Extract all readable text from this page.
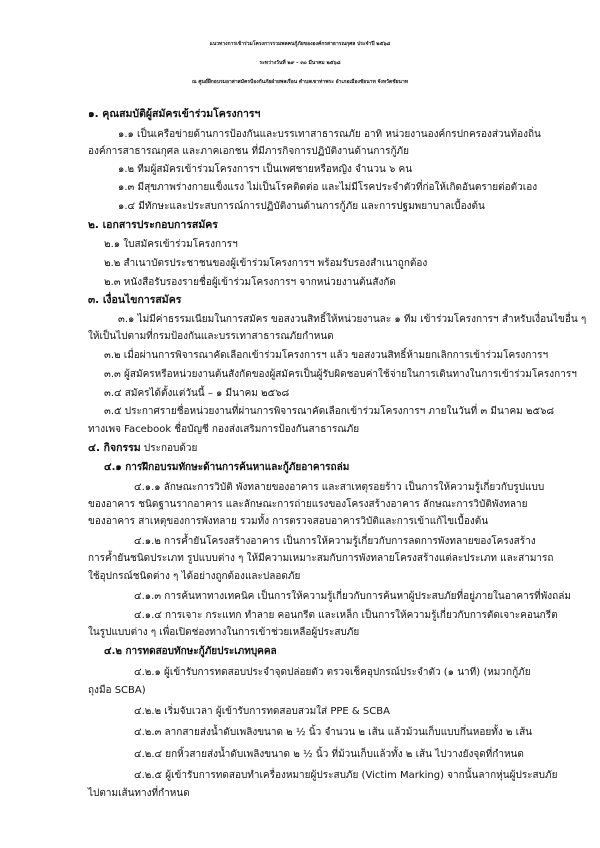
แนวทางการเข้าร่วมโครงการรวมพลคนกู้ภัยขององค์กรสาธารณกุศล ประจำปี ๒๕๖๘
ระหว่างวันที่ ๒๙ – ๓๐ มีนาคม ๒๕๖๘
ณ ศูนย์ฝึกอบรมอาสาสมัครป้องกันภัยฝ่ายพลเรือน ตำบลเขาท่าพระ อำเภอเมืองชัยนาท จังหวัดชัยนาท
๑. คุณสมบัติผู้สมัครเข้าร่วมโครงการฯ
๑.๑ เป็นเครือข่ายด้านการป้องกันและบรรเทาสาธารณภัย อาทิ หน่วยงานองค์กรปกครองส่วนท้องถิ่น
องค์การสาธารณกุศล และภาคเอกชน ที่มีภารกิจการปฏิบัติงานด้านการกู้ภัย
๑.๒ ทีมผู้สมัครเข้าร่วมโครงการฯ เป็นเพศชายหรือหญิง จำนวน ๖ คน
๑.๓ มีสุขภาพร่างกายแข็งแรง ไม่เป็นโรคติดต่อ และไม่มีโรคประจำตัวที่ก่อให้เกิดอันตรายต่อตัวเอง
๑.๔ มีทักษะและประสบการณ์การปฏิบัติงานด้านการกู้ภัย และการปฐมพยาบาลเบื้องต้น
๒. เอกสารประกอบการสมัคร
๒.๑ ใบสมัครเข้าร่วมโครงการฯ
๒.๒ สำเนาบัตรประชาชนของผู้เข้าร่วมโครงการฯ พร้อมรับรองสำเนาถูกต้อง
๒.๓ หนังสือรับรองรายชื่อผู้เข้าร่วมโครงการฯ จากหน่วยงานต้นสังกัด
๓. เงื่อนไขการสมัคร
๓.๑ ไม่มีค่าธรรมเนียมในการสมัคร ขอสงวนสิทธิ์ให้หน่วยงานละ ๑ ทีม เข้าร่วมโครงการฯ สำหรับเงื่อนไขอื่น ๆ
ให้เป็นไปตามที่กรมป้องกันและบรรเทาสาธารณภัยกำหนด
๓.๒ เมื่อผ่านการพิจารณาคัดเลือกเข้าร่วมโครงการฯ แล้ว ขอสงวนสิทธิ์ห้ามยกเลิกการเข้าร่วมโครงการฯ
๓.๓ ผู้สมัครหรือหน่วยงานต้นสังกัดของผู้สมัครเป็นผู้รับผิดชอบค่าใช้จ่ายในการเดินทางในการเข้าร่วมโครงการฯ
๓.๔ สมัครได้ตั้งแต่วันนี้ – ๑ มีนาคม ๒๕๖๘
๓.๕ ประกาศรายชื่อหน่วยงานที่ผ่านการพิจารณาคัดเลือกเข้าร่วมโครงการฯ ภายในวันที่ ๓ มีนาคม ๒๕๖๘
ทางเพจ Facebook ชื่อบัญชี กองส่งเสริมการป้องกันสาธารณภัย
๔. กิจกรรม ประกอบด้วย
๔.๑ การฝึกอบรมทักษะด้านการค้นหาและกู้ภัยอาคารถล่ม
๔.๑.๑ ลักษณะการวิบัติ พังทลายของอาคาร และสาเหตุรอยร้าว เป็นการให้ความรู้เกี่ยวกับรูปแบบ
ของอาคาร ชนิดฐานรากอาคาร และลักษณะการถ่ายแรงของโครงสร้างอาคาร ลักษณะการวิบัติพังทลาย
ของอาคาร สาเหตุของการพังทลาย รวมทั้ง การตรวจสอบอาคารวิบัติและการเข้าแก้ไขเบื้องต้น
๔.๑.๒ การค้ำยันโครงสร้างอาคาร เป็นการให้ความรู้เกี่ยวกับการลดการพังทลายของโครงสร้าง
การค้ำยันชนิดประเภท รูปแบบต่าง ๆ ให้มีความเหมาะสมกับการพังทลายโครงสร้างแต่ละประเภท และสามารถ
ใช้อุปกรณ์ชนิดต่าง ๆ ได้อย่างถูกต้องและปลอดภัย
๔.๑.๓ การค้นหาทางเทคนิค เป็นการให้ความรู้เกี่ยวกับการค้นหาผู้ประสบภัยที่อยู่ภายในอาคารที่พังถล่ม
๔.๑.๔ การเจาะ กระแทก ทำลาย คอนกรีต และเหล็ก เป็นการให้ความรู้เกี่ยวกับการตัดเจาะคอนกรีต
ในรูปแบบต่าง ๆ เพื่อเปิดช่องทางในการเข้าช่วยเหลือผู้ประสบภัย
๔.๒ การทดสอบทักษะกู้ภัยประเภทบุคคล
๔.๒.๑ ผู้เข้ารับการทดสอบประจำจุดปล่อยตัว ตรวจเช็คอุปกรณ์ประจำตัว (๑ นาที) (หมวกกู้ภัย
ถุงมือ SCBA)
๔.๒.๒ เริ่มจับเวลา ผู้เข้ารับการทดสอบสวมใส่ PPE & SCBA
๔.๒.๓ ลากสายส่งน้ำดับเพลิงขนาด ๒ ½ นิ้ว จำนวน ๒ เส้น แล้วม้วนเก็บแบบกึ่นหอยทั้ง ๒ เส้น
๔.๒.๔ ยกหิ้วสายส่งน้ำดับเพลิงขนาด ๒ ½ นิ้ว ที่ม้วนเก็บแล้วทั้ง ๒ เส้น ไปวางยังจุดที่กำหนด
๔.๒.๕ ผู้เข้ารับการทดสอบทำเครื่องหมายผู้ประสบภัย (Victim Marking) จากนั้นลากหุ่นผู้ประสบภัย
ไปตามเส้นทางที่กำหนด
